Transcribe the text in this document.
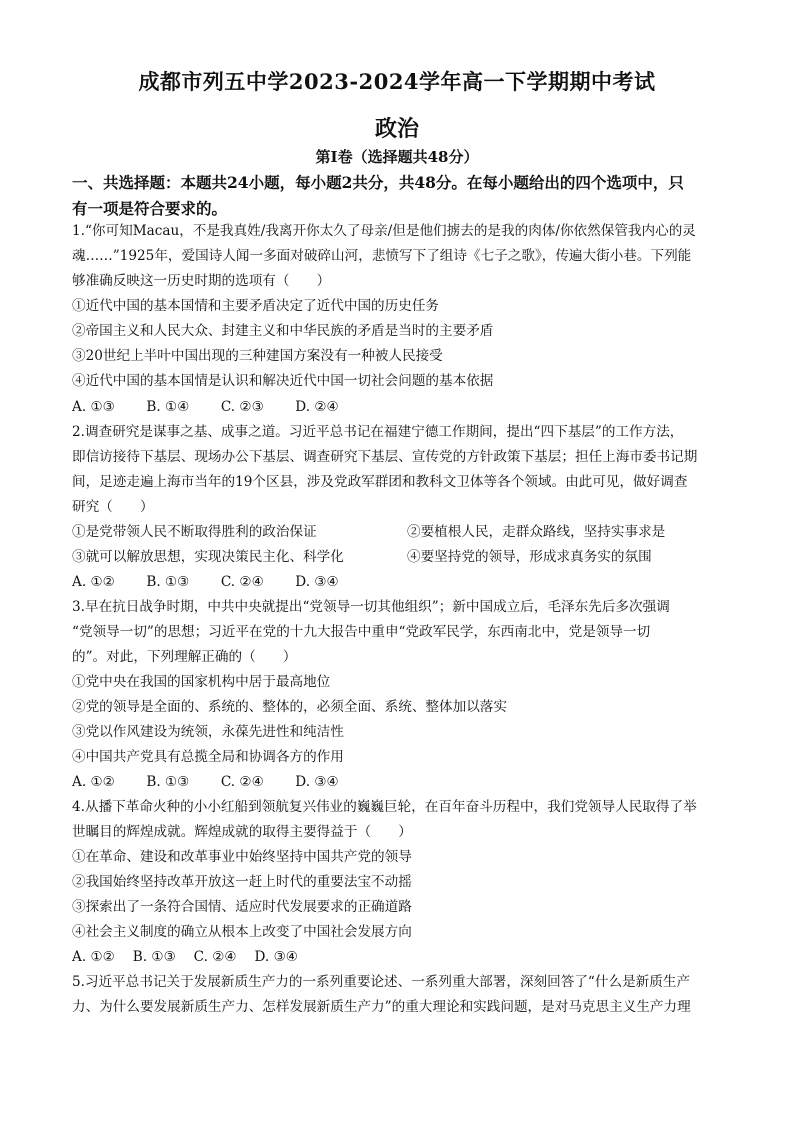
成都市列五中学2023-2024学年高一下学期期中考试
政治
第Ⅰ卷（选择题共48分）
一、共选择题：本题共24小题，每小题2共分，共48分。在每小题给出的四个选项中，只
有一项是符合要求的。
1.“你可知Macau，不是我真姓/我离开你太久了母亲/但是他们掳去的是我的肉体/你依然保管我内心的灵
魂……”1925年，爱国诗人闻一多面对破碎山河，悲愤写下了组诗《七子之歌》，传遍大街小巷。下列能
够准确反映这一历史时期的选项有（　　）
①近代中国的基本国情和主要矛盾决定了近代中国的历史任务
②帝国主义和人民大众、封建主义和中华民族的矛盾是当时的主要矛盾
③20世纪上半叶中国出现的三种建国方案没有一种被人民接受
④近代中国的基本国情是认识和解决近代中国一切社会问题的基本依据
A. ①③　　 B. ①④　　 C. ②③　　 D. ②④
2.调查研究是谋事之基、成事之道。习近平总书记在福建宁德工作期间，提出“四下基层”的工作方法，
即信访接待下基层、现场办公下基层、调查研究下基层、宣传党的方针政策下基层；担任上海市委书记期
间，足迹走遍上海市当年的19个区县，涉及党政军群团和教科文卫体等各个领域。由此可见，做好调查
研究（　　）
①是党带领人民不断取得胜利的政治保证	②要植根人民，走群众路线，坚持实事求是
③就可以解放思想，实现决策民主化、科学化	④要坚持党的领导，形成求真务实的氛围
A. ①②　　 B. ①③　　 C. ②④　　 D. ③④
3.早在抗日战争时期，中共中央就提出“党领导一切其他组织”；新中国成立后，毛泽东先后多次强调
“党领导一切”的思想；习近平在党的十九大报告中重申“党政军民学，东西南北中，党是领导一切
的”。对此，下列理解正确的（　　）
①党中央在我国的国家机构中居于最高地位
②党的领导是全面的、系统的、整体的，必须全面、系统、整体加以落实
③党以作风建设为统领，永葆先进性和纯洁性
④中国共产党具有总揽全局和协调各方的作用
A. ①②　　 B. ①③　　 C. ②④　　 D. ③④
4.从播下革命火种的小小红船到领航复兴伟业的巍巍巨轮，在百年奋斗历程中，我们党领导人民取得了举
世瞩目的辉煌成就。辉煌成就的取得主要得益于（　　）
①在革命、建设和改革事业中始终坚持中国共产党的领导
②我国始终坚持改革开放这一赶上时代的重要法宝不动摇
③探索出了一条符合国情、适应时代发展要求的正确道路
④社会主义制度的确立从根本上改变了中国社会发展方向
A. ①②　 B. ①③　 C. ②④　 D. ③④
5.习近平总书记关于发展新质生产力的一系列重要论述、一系列重大部署，深刻回答了“什么是新质生产
力、为什么要发展新质生产力、怎样发展新质生产力”的重大理论和实践问题，是对马克思主义生产力理
